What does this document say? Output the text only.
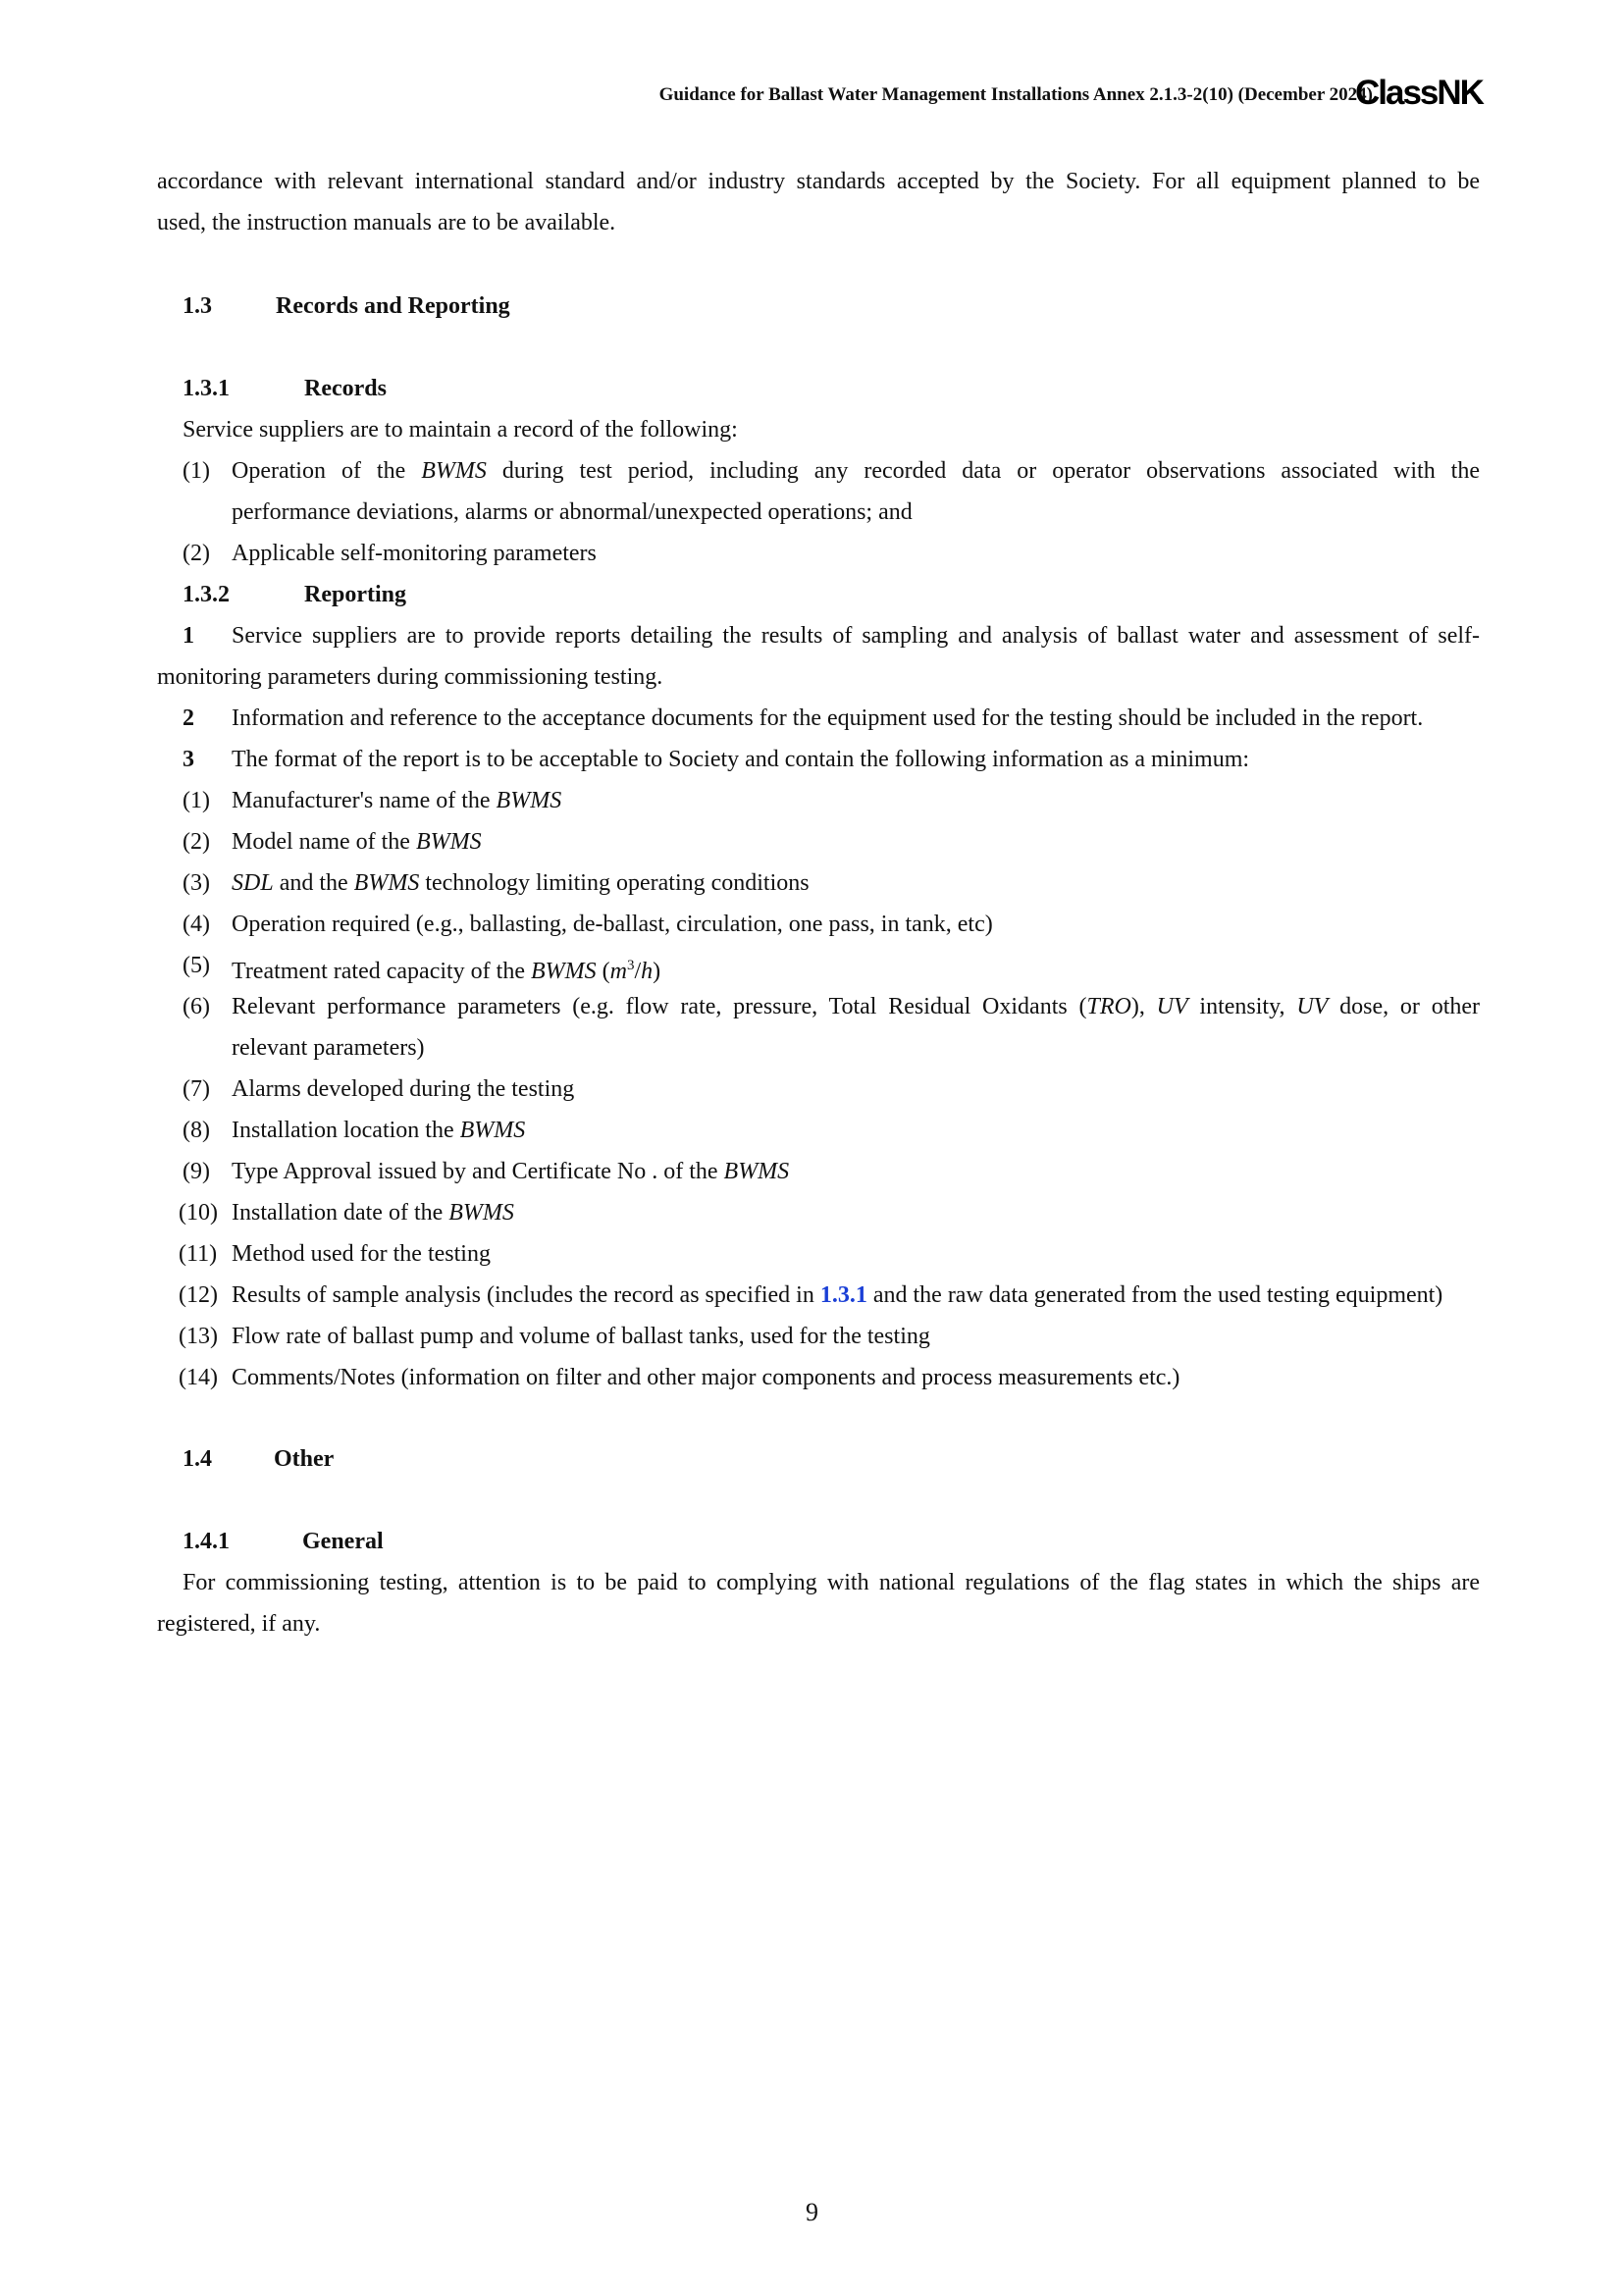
Guidance for Ballast Water Management Installations Annex 2.1.3-2(10) (December 2024)
ClassNK
accordance with relevant international standard and/or industry standards accepted by the Society. For all equipment planned to be
used, the instruction manuals are to be available.
1.3	Records and Reporting
1.3.1	Records
Service suppliers are to maintain a record of the following:
(1) Operation of the BWMS during test period, including any recorded data or operator observations associated with the
performance deviations, alarms or abnormal/unexpected operations; and
(2) Applicable self-monitoring parameters
1.3.2	Reporting
1 Service suppliers are to provide reports detailing the results of sampling and analysis of ballast water and assessment of self-
monitoring parameters during commissioning testing.
2 Information and reference to the acceptance documents for the equipment used for the testing should be included in the report.
3 The format of the report is to be acceptable to Society and contain the following information as a minimum:
(1) Manufacturer's name of the BWMS
(2) Model name of the BWMS
(3) SDL and the BWMS technology limiting operating conditions
(4) Operation required (e.g., ballasting, de-ballast, circulation, one pass, in tank, etc)
(5) Treatment rated capacity of the BWMS $(m^3/h)$
(6) Relevant performance parameters (e.g. flow rate, pressure, Total Residual Oxidants (TRO), UV intensity, UV dose, or other
relevant parameters)
(7) Alarms developed during the testing
(8) Installation location the BWMS
(9) Type Approval issued by and Certificate No . of the BWMS
(10) Installation date of the BWMS
(11) Method used for the testing
(12) Results of sample analysis (includes the record as specified in 1.3.1 and the raw data generated from the used testing equipment)
(13) Flow rate of ballast pump and volume of ballast tanks, used for the testing
(14) Comments/Notes (information on filter and other major components and process measurements etc.)
1.4	Other
1.4.1	General
For commissioning testing, attention is to be paid to complying with national regulations of the flag states in which the ships are
registered, if any.
9
